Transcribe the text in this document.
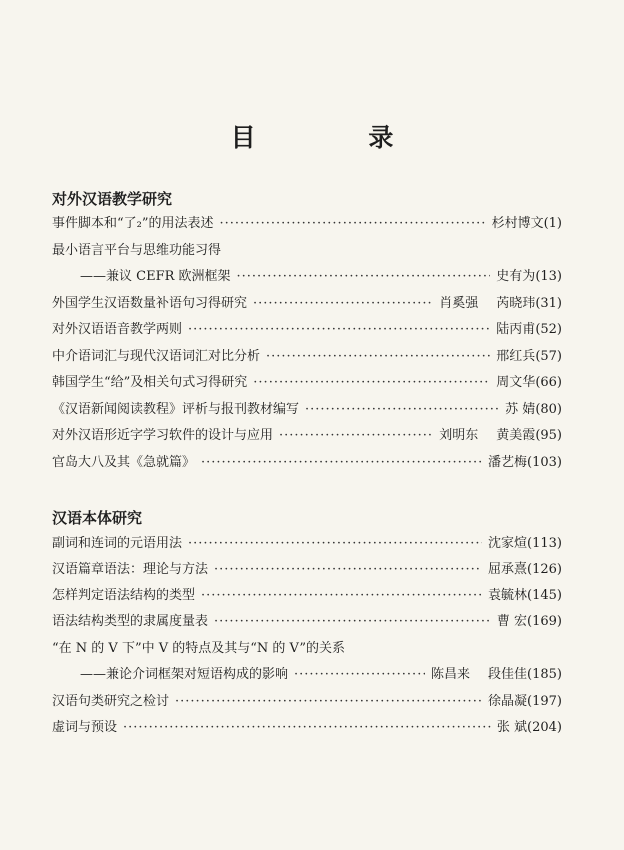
目 录
对外汉语教学研究
事件脚本和“了₂”的用法表述 ·····	杉村博文 (1)
最小语言平台与思维功能习得
——兼议 CEFR 欧洲框架 ·····	史有为 (13)
外国学生汉语数量补语句习得研究 ·····	肖奚强 芮晓玮 (31)
对外汉语语音教学两则 ·····	陆丙甫 (52)
中介语词汇与现代汉语词汇对比分析 ·····	邢红兵 (57)
韩国学生“给”及相关句式习得研究 ·····	周文华 (66)
《汉语新闻阅读教程》评析与报刊教材编写 ·····	苏 婧 (80)
对外汉语形近字学习软件的设计与应用 ·····	刘明东 黄美霞 (95)
官岛大八及其《急就篇》 ·····	潘艺梅 (103)
汉语本体研究
副词和连词的元语用法 ·····	沈家煊 (113)
汉语篇章语法：理论与方法 ·····	屈承熹 (126)
怎样判定语法结构的类型 ·····	袁毓林 (145)
语法结构类型的隶属度量表 ·····	曹 宏 (169)
“在 N 的 V 下”中 V 的特点及其与“N 的 V”的关系
——兼论介词框架对短语构成的影响 ·····	陈昌来 段佳佳 (185)
汉语句类研究之检讨 ·····	徐晶凝 (197)
虚词与预设 ·····	张 斌 (204)
